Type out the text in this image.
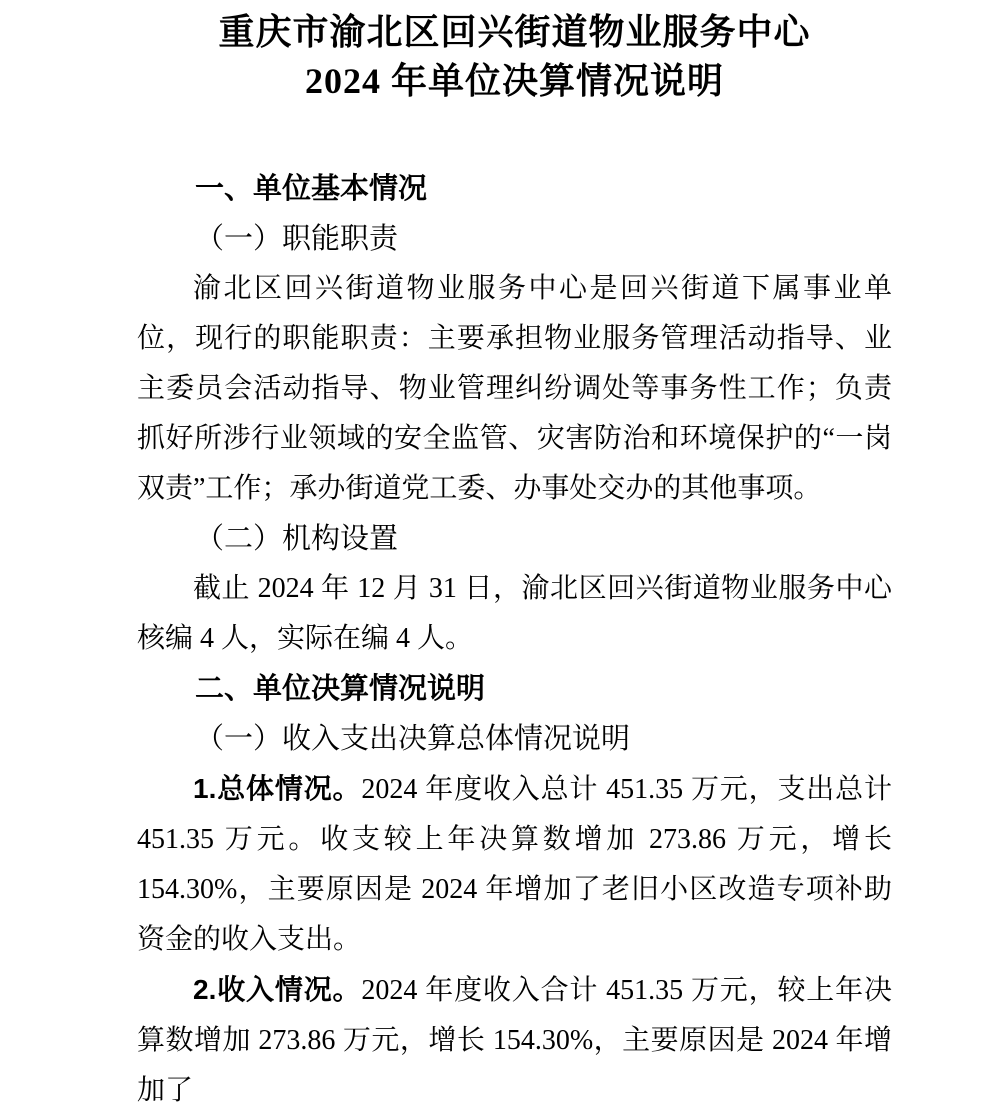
重庆市渝北区回兴街道物业服务中心
2024 年单位决算情况说明
一、单位基本情况
（一）职能职责
渝北区回兴街道物业服务中心是回兴街道下属事业单位，现行的职能职责：主要承担物业服务管理活动指导、业主委员会活动指导、物业管理纠纷调处等事务性工作；负责抓好所涉行业领域的安全监管、灾害防治和环境保护的“一岗双责”工作；承办街道党工委、办事处交办的其他事项。
（二）机构设置
截止 2024 年 12 月 31 日，渝北区回兴街道物业服务中心核编 4 人，实际在编 4 人。
二、单位决算情况说明
（一）收入支出决算总体情况说明
1.总体情况。2024 年度收入总计 451.35 万元，支出总计 451.35 万元。收支较上年决算数增加 273.86 万元，增长 154.30%，主要原因是 2024 年增加了老旧小区改造专项补助资金的收入支出。
2.收入情况。2024 年度收入合计 451.35 万元，较上年决算数增加 273.86 万元，增长 154.30%，主要原因是 2024 年增加了
